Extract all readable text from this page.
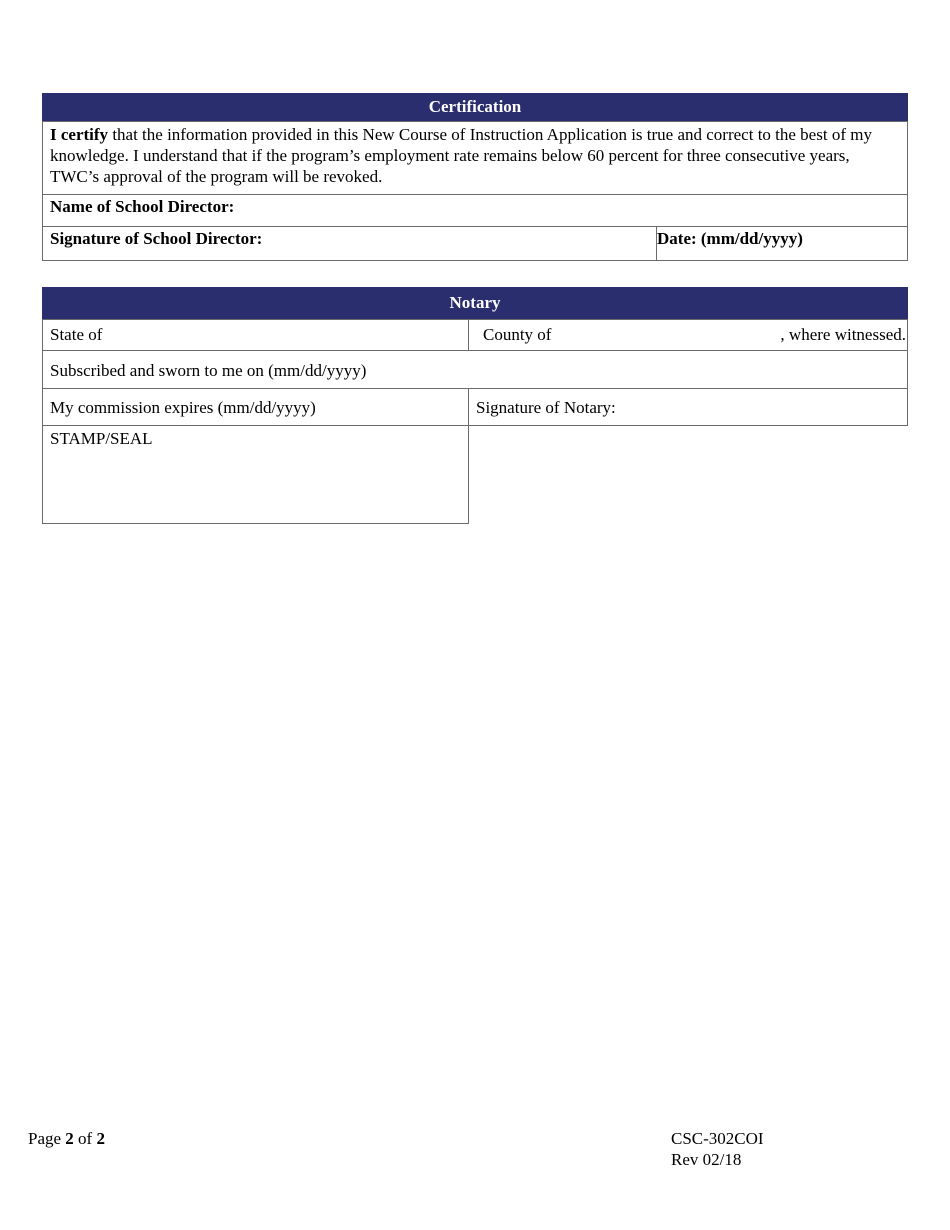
Certification
I certify that the information provided in this New Course of Instruction Application is true and correct to the best of my knowledge. I understand that if the program’s employment rate remains below 60 percent for three consecutive years, TWC’s approval of the program will be revoked.
Name of School Director:
Signature of School Director:	Date: (mm/dd/yyyy)
Notary
State of	County of	, where witnessed.
Subscribed and sworn to me on (mm/dd/yyyy)
My commission expires (mm/dd/yyyy)	Signature of Notary:
STAMP/SEAL
Page 2 of 2	CSC-302COI
Rev 02/18
